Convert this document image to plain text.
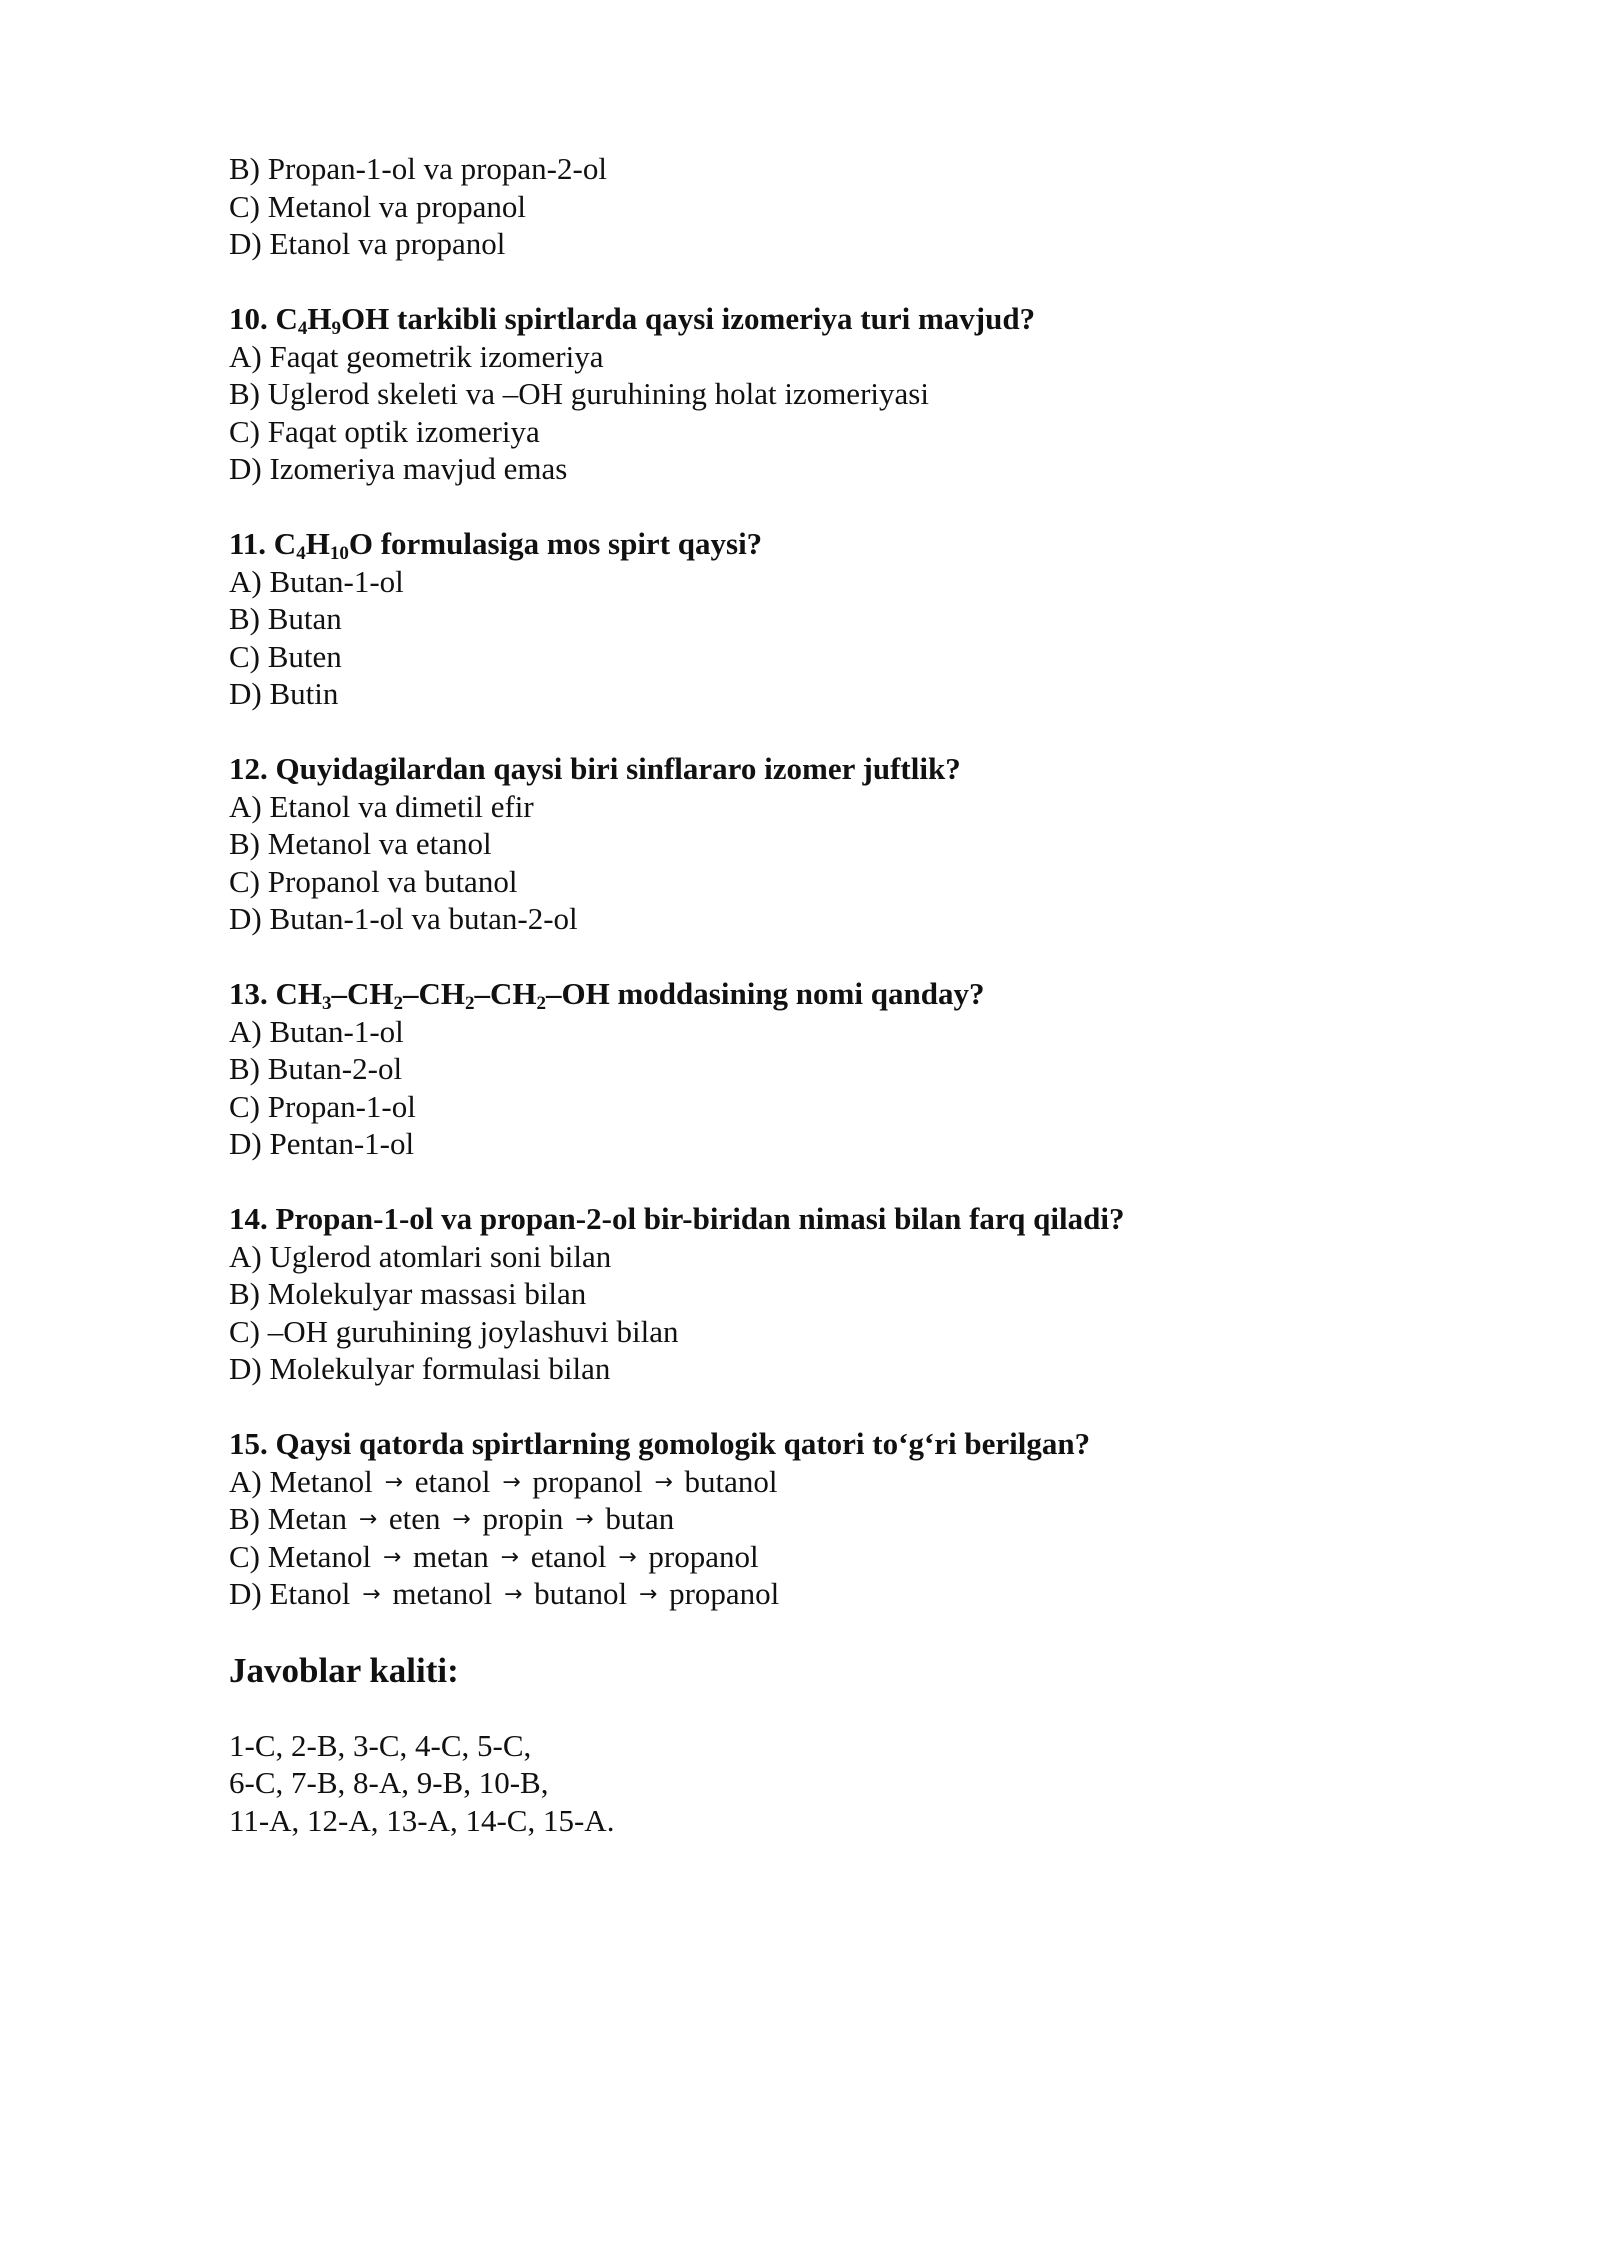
B) Propan-1-ol va propan-2-ol
C) Metanol va propanol
D) Etanol va propanol
10. $C_4H_9OH$ tarkibli spirtlarda qaysi izomeriya turi mavjud?
A) Faqat geometrik izomeriya
B) Uglerod skeleti va –OH guruhining holat izomeriyasi
C) Faqat optik izomeriya
D) Izomeriya mavjud emas
11. $C_4H_{10}O$ formulasiga mos spirt qaysi?
A) Butan-1-ol
B) Butan
C) Buten
D) Butin
12. Quyidagilardan qaysi biri sinflararo izomer juftlik?
A) Etanol va dimetil efir
B) Metanol va etanol
C) Propanol va butanol
D) Butan-1-ol va butan-2-ol
13. $CH_3-CH_2-CH_2-CH_2-OH$ moddasining nomi qanday?
A) Butan-1-ol
B) Butan-2-ol
C) Propan-1-ol
D) Pentan-1-ol
14. Propan-1-ol va propan-2-ol bir-biridan nimasi bilan farq qiladi?
A) Uglerod atomlari soni bilan
B) Molekulyar massasi bilan
C) –OH guruhining joylashuvi bilan
D) Molekulyar formulasi bilan
15. Qaysi qatorda spirtlarning gomologik qatori to‘g‘ri berilgan?
A) Metanol → etanol → propanol → butanol
B) Metan → eten → propin → butan
C) Metanol → metan → etanol → propanol
D) Etanol → metanol → butanol → propanol
Javoblar kaliti:
1-C, 2-B, 3-C, 4-C, 5-C,
6-C, 7-B, 8-A, 9-B, 10-B,
11-A, 12-A, 13-A, 14-C, 15-A.
